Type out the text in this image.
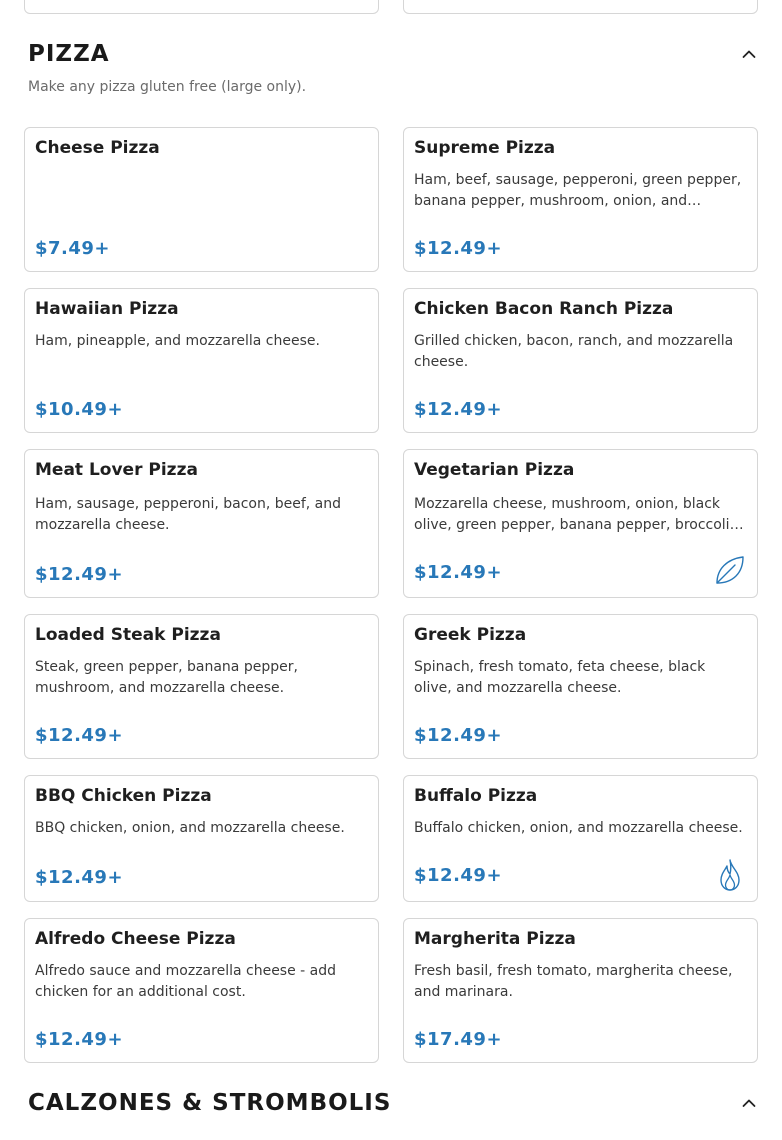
PIZZA

Make any pizza gluten free (large only).

Cheese Pizza
$7.49+
Supreme Pizza
Ham, beef, sausage, pepperoni, green pepper, banana pepper, mushroom, onion, and…
$12.49+
Hawaiian Pizza
Ham, pineapple, and mozzarella cheese.
$10.49+
Chicken Bacon Ranch Pizza
Grilled chicken, bacon, ranch, and mozzarella cheese.
$12.49+
Meat Lover Pizza
Ham, sausage, pepperoni, bacon, beef, and mozzarella cheese.
$12.49+
Vegetarian Pizza
Mozzarella cheese, mushroom, onion, black olive, green pepper, banana pepper, broccoli…
$12.49+
Loaded Steak Pizza
Steak, green pepper, banana pepper, mushroom, and mozzarella cheese.
$12.49+
Greek Pizza
Spinach, fresh tomato, feta cheese, black olive, and mozzarella cheese.
$12.49+
BBQ Chicken Pizza
BBQ chicken, onion, and mozzarella cheese.
$12.49+
Buffalo Pizza
Buffalo chicken, onion, and mozzarella cheese.
$12.49+
Alfredo Cheese Pizza
Alfredo sauce and mozzarella cheese - add chicken for an additional cost.
$12.49+
Margherita Pizza
Fresh basil, fresh tomato, margherita cheese, and marinara.
$17.49+
CALZONES & STROMBOLIS
